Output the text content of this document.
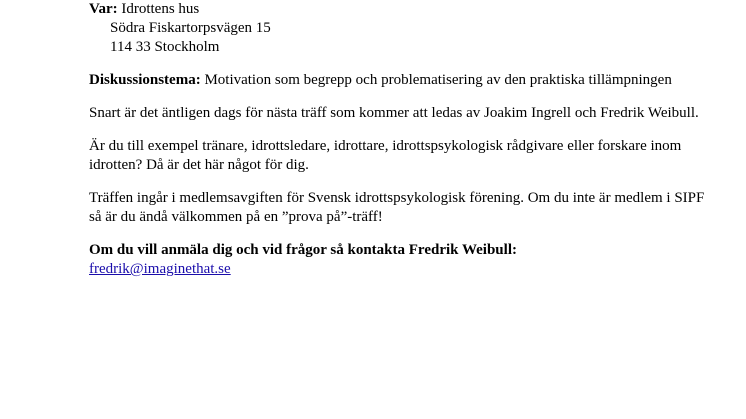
Var: Idrottens hus
Södra Fiskartorpsvägen 15
114 33 Stockholm

Diskussionstema: Motivation som begrepp och problematisering av den praktiska tillämpningen

Snart är det äntligen dags för nästa träff som kommer att ledas av Joakim Ingrell och Fredrik Weibull.

Är du till exempel tränare, idrottsledare, idrottare, idrottspsykologisk rådgivare eller forskare inom idrotten? Då är det här något för dig.

Träffen ingår i medlemsavgiften för Svensk idrottspsykologisk förening. Om du inte är medlem i SIPF så är du ändå välkommen på en ”prova på”-träff!

Om du vill anmäla dig och vid frågor så kontakta Fredrik Weibull:
fredrik@imaginethat.se
